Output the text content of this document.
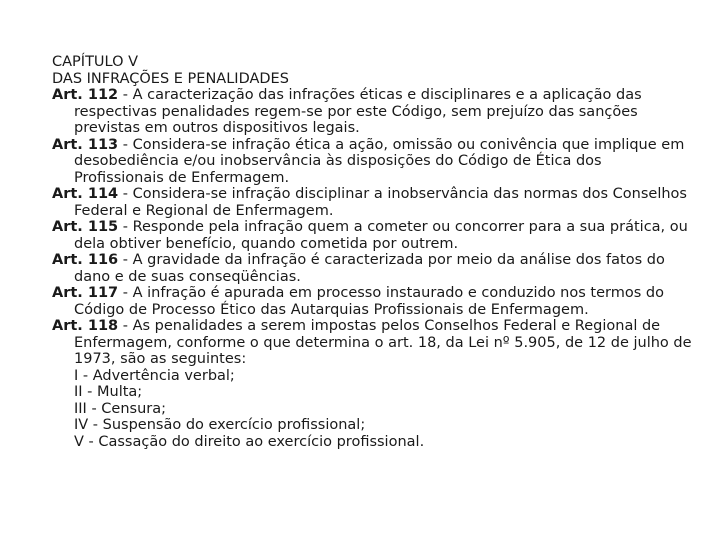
CAPÍTULO V
DAS INFRAÇÕES E PENALIDADES
Art. 112 - A caracterização das infrações éticas e disciplinares e a aplicação das respectivas penalidades regem-se por este Código, sem prejuízo das sanções previstas em outros dispositivos legais.
Art. 113 - Considera-se infração ética a ação, omissão ou conivência que implique em desobediência e/ou inobservância às disposições do Código de Ética dos Profissionais de Enfermagem.
Art. 114 - Considera-se infração disciplinar a inobservância das normas dos Conselhos Federal e Regional de Enfermagem.
Art. 115 - Responde pela infração quem a cometer ou concorrer para a sua prática, ou dela obtiver benefício, quando cometida por outrem.
Art. 116 - A gravidade da infração é caracterizada por meio da análise dos fatos do dano e de suas conseqüências.
Art. 117 - A infração é apurada em processo instaurado e conduzido nos termos do Código de Processo Ético das Autarquias Profissionais de Enfermagem.
Art. 118 - As penalidades a serem impostas pelos Conselhos Federal e Regional de Enfermagem, conforme o que determina o art. 18, da Lei nº 5.905, de 12 de julho de 1973, são as seguintes:
I - Advertência verbal;
II - Multa;
III - Censura;
IV - Suspensão do exercício profissional;
V - Cassação do direito ao exercício profissional.
